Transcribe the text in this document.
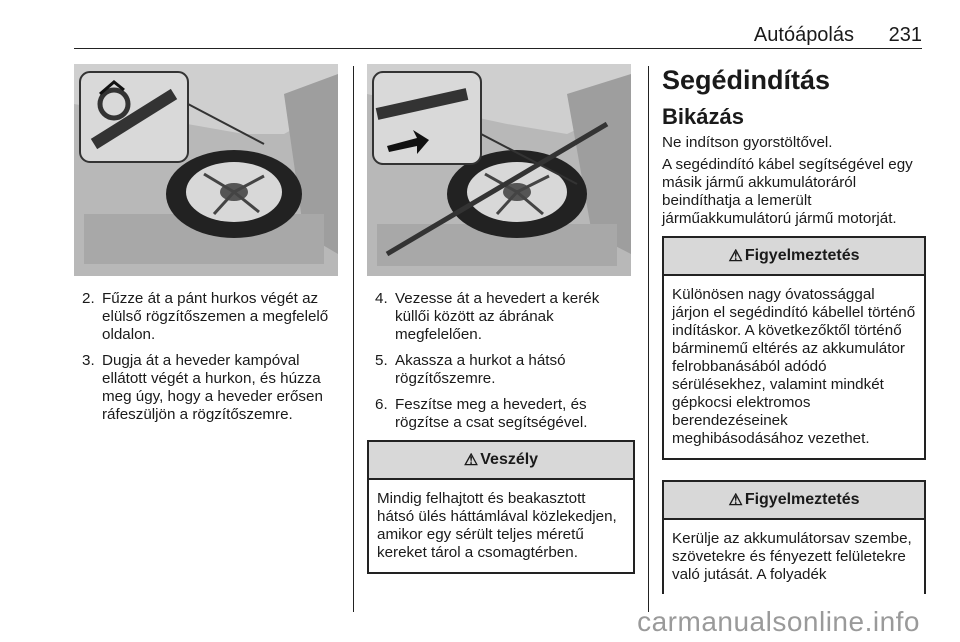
Autóápolás 231
2. Fűzze át a pánt hurkos végét az elülső rögzítőszemen a megfelelő oldalon.
3. Dugja át a heveder kampóval ellátott végét a hurkon, és húzza meg úgy, hogy a heveder erősen ráfeszüljön a rögzítőszemre.
4. Vezesse át a hevedert a kerék küllői között az ábrának megfelelően.
5. Akassza a hurkot a hátsó rögzítőszemre.
6. Feszítse meg a hevedert, és rögzítse a csat segítségével.
⚠ Veszély
Mindig felhajtott és beakasztott hátsó ülés háttámlával közlekedjen, amikor egy sérült teljes méretű kereket tárol a csomagtérben.
Segédindítás
Bikázás

Ne indítson gyorstöltővel.

A segédindító kábel segítségével egy másik jármű akkumulátoráról beindíthatja a lemerült járműakkumulátorú jármű motorját.

⚠ Figyelmeztetés
Különösen nagy óvatossággal járjon el segédindító kábellel történő indításkor. A következőktől történő bárminemű eltérés az akkumulátor felrobbanásából adódó sérülésekhez, valamint mindkét gépkocsi elektromos berendezéseinek meghibásodásához vezethet.
⚠ Figyelmeztetés
Kerülje az akkumulátorsav szembe, szövetekre és fényezett felületekre való jutását. A folyadék
carmanualsonline.info
